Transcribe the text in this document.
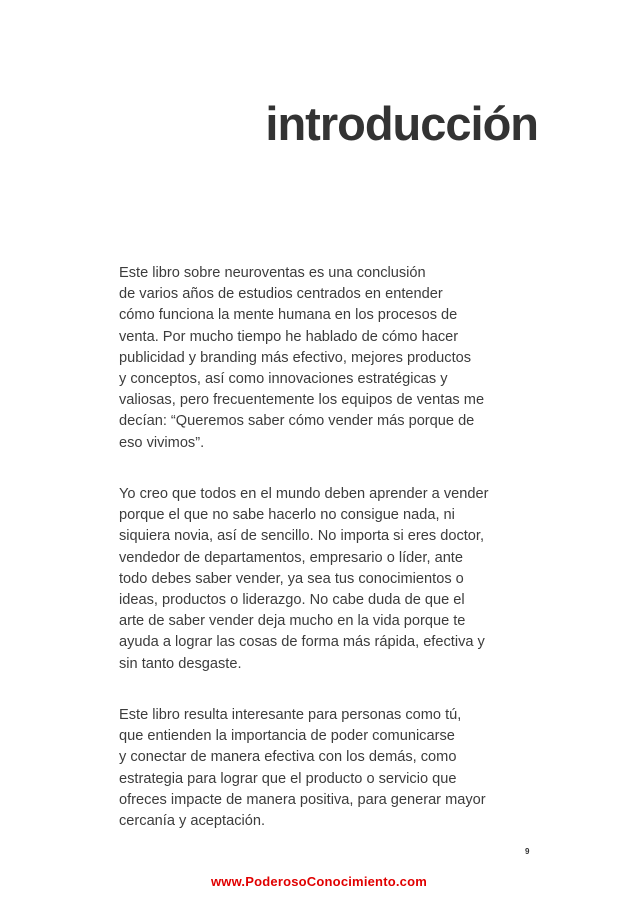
introducción

Este libro sobre neuroventas es una conclusión
de varios años de estudios centrados en entender
cómo funciona la mente humana en los procesos de
venta. Por mucho tiempo he hablado de cómo hacer
publicidad y branding más efectivo, mejores productos
y conceptos, así como innovaciones estratégicas y
valiosas, pero frecuentemente los equipos de ventas me
decían: “Queremos saber cómo vender más porque de
eso vivimos”.

Yo creo que todos en el mundo deben aprender a vender
porque el que no sabe hacerlo no consigue nada, ni
siquiera novia, así de sencillo. No importa si eres doctor,
vendedor de departamentos, empresario o líder, ante
todo debes saber vender, ya sea tus conocimientos o
ideas, productos o liderazgo. No cabe duda de que el
arte de saber vender deja mucho en la vida porque te
ayuda a lograr las cosas de forma más rápida, efectiva y
sin tanto desgaste.

Este libro resulta interesante para personas como tú,
que entienden la importancia de poder comunicarse
y conectar de manera efectiva con los demás, como
estrategia para lograr que el producto o servicio que
ofreces impacte de manera positiva, para generar mayor
cercanía y aceptación.

9
www.PoderosoConocimiento.com
